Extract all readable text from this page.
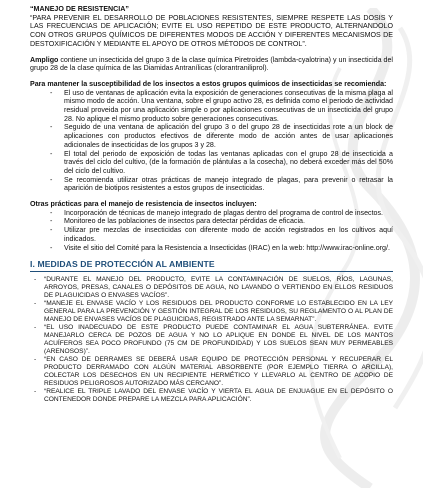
“MANEJO DE RESISTENCIA”

“PARA PREVENIR EL DESARROLLO DE POBLACIONES RESISTENTES, SIEMPRE RESPETE LAS DOSIS Y LAS FRECUENCIAS DE APLICACIÓN; EVITE EL USO REPETIDO DE ESTE PRODUCTO, ALTERNANDOLO CON OTROS GRUPOS QUÍMICOS DE DIFERENTES MODOS DE ACCIÓN Y DIFERENTES MECANISMOS DE DESTOXIFICACIÓN Y MEDIANTE EL APOYO DE OTROS MÉTODOS DE CONTROL”.

Ampligo contiene un insecticida del grupo 3 de la clase química Piretroides (lambda-cyalotrina) y un insecticida del grupo 28 de la clase química de las Diamidas Antranílicas (clorantraniliprol).

Para mantener la susceptibilidad de los insectos a estos grupos químicos de insecticidas se recomienda:

- El uso de ventanas de aplicación evita la exposición de generaciones consecutivas de la misma plaga al mismo modo de acción. Una ventana, sobre el grupo activo 28, es definida como el periodo de actividad residual proveida por una aplicación simple o por aplicaciones consecutivas de un insecticida del grupo 28. No aplique el mismo producto sobre generaciones consecutivas.
- Seguido de una ventana de aplicación del grupo 3 o del grupo 28 de insecticidas rote a un block de aplicaciones con productos efectivos de diferente modo de acción antes de usar aplicaciones adicionales de insecticidas de los grupos 3 y 28.
- El total del periodo de exposición de todas las ventanas aplicadas con el grupo 28 de insecticida a través del ciclo del cultivo, (de la formación de plántulas a la cosecha), no deberá exceder más del 50% del ciclo del cultivo.
- Se recomienda utilizar otras prácticas de manejo integrado de plagas, para prevenir o retrasar la aparición de biotipos resistentes a estos grupos de insecticidas.

Otras prácticas para el manejo de resistencia de insectos incluyen:

- Incorporación de técnicas de manejo integrado de plagas dentro del programa de control de insectos.
- Monitoreo de las poblaciones de insectos para detectar pérdidas de eficacia.
- Utilizar pre mezclas de insecticidas con diferente modo de acción registrados en los cultivos aquí indicados.
- Visite el sitio del Comité para la Resistencia a Insecticidas (IRAC) en la web: http://www.irac-online.org/.

I. MEDIDAS DE PROTECCIÓN AL AMBIENTE

- “DURANTE EL MANEJO DEL PRODUCTO, EVITE LA CONTAMINACIÓN DE SUELOS, RÍOS, LAGUNAS, ARROYOS, PRESAS, CANALES O DEPÓSITOS DE AGUA, NO LAVANDO O VERTIENDO EN ELLOS RESIDUOS DE PLAGUICIDAS O ENVASES VACÍOS”.
- “MANEJE EL ENVASE VACÍO Y LOS RESIDUOS DEL PRODUCTO CONFORME LO ESTABLECIDO EN LA LEY GENERAL PARA LA PREVENCIÓN Y GESTIÓN INTEGRAL DE LOS RESIDUOS, SU REGLAMENTO O AL PLAN DE MANEJO DE ENVASES VACÍOS DE PLAGUICIDAS, REGISTRADO ANTE LA SEMARNAT”.
- “EL USO INADECUADO DE ESTE PRODUCTO PUEDE CONTAMINAR EL AGUA SUBTERRÁNEA. EVITE MANEJARLO CERCA DE POZOS DE AGUA Y NO LO APLIQUE EN DONDE EL NIVEL DE LOS MANTOS ACUÍFEROS SEA POCO PROFUNDO (75 CM DE PROFUNDIDAD) Y LOS SUELOS SEAN MUY PERMEABLES (ARENOSOS)”.
- “EN CASO DE DERRAMES SE DEBERÁ USAR EQUIPO DE PROTECCIÓN PERSONAL Y RECUPERAR EL PRODUCTO DERRAMADO CON ALGÚN MATERIAL ABSORBENTE (POR EJEMPLO TIERRA O ARCILLA), COLECTAR LOS DESECHOS EN UN RECIPIENTE HERMÉTICO Y LLEVARLO AL CENTRO DE ACOPIO DE RESIDUOS PELIGROSOS AUTORIZADO MÁS CERCANO”.
- “REALICE EL TRIPLE LAVADO DEL ENVASE VACÍO Y VIERTA EL AGUA DE ENJUAGUE EN EL DEPÓSITO O CONTENEDOR DONDE PREPARE LA MEZCLA PARA APLICACIÓN”.
